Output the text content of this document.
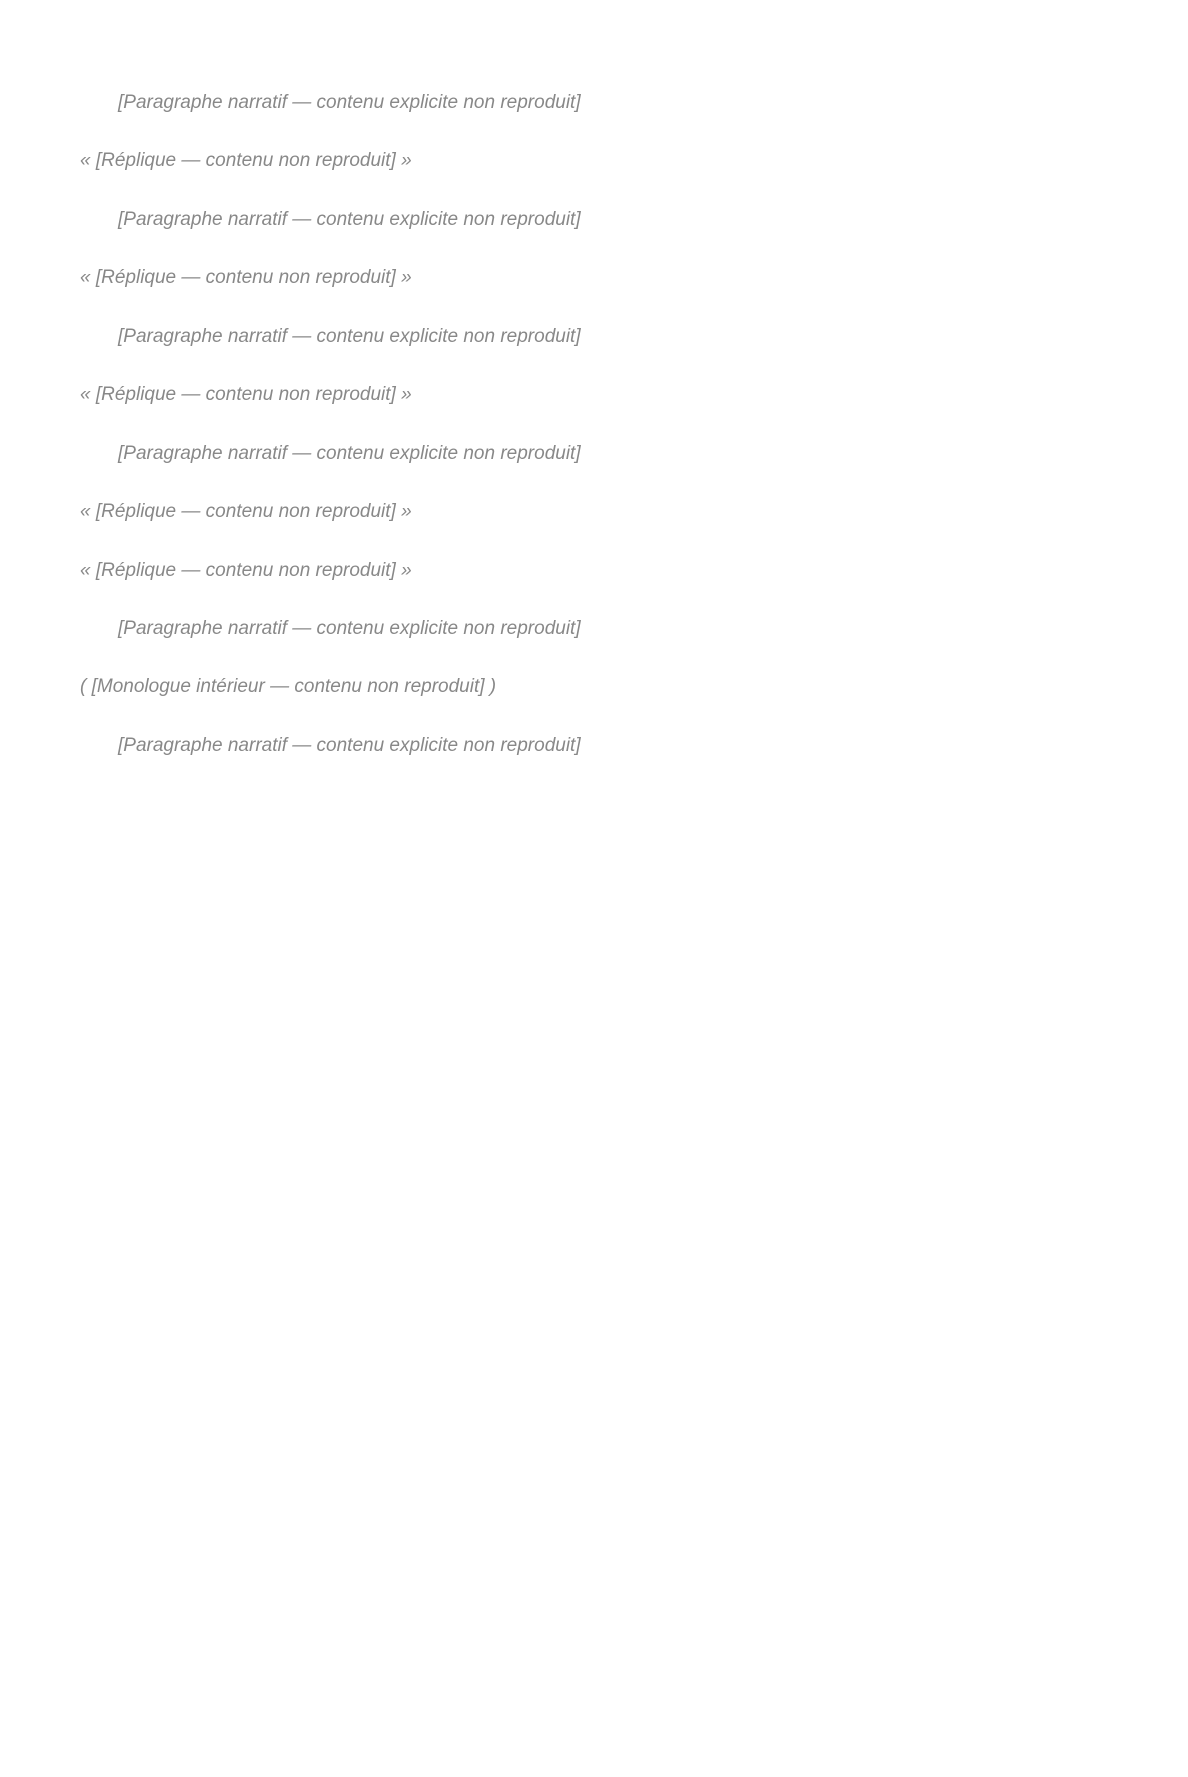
[Paragraphe narratif — contenu explicite non reproduit]

« [Réplique — contenu non reproduit] »

[Paragraphe narratif — contenu explicite non reproduit]

« [Réplique — contenu non reproduit] »

[Paragraphe narratif — contenu explicite non reproduit]

« [Réplique — contenu non reproduit] »

[Paragraphe narratif — contenu explicite non reproduit]

« [Réplique — contenu non reproduit] »

« [Réplique — contenu non reproduit] »

[Paragraphe narratif — contenu explicite non reproduit]

( [Monologue intérieur — contenu non reproduit] )

[Paragraphe narratif — contenu explicite non reproduit]
